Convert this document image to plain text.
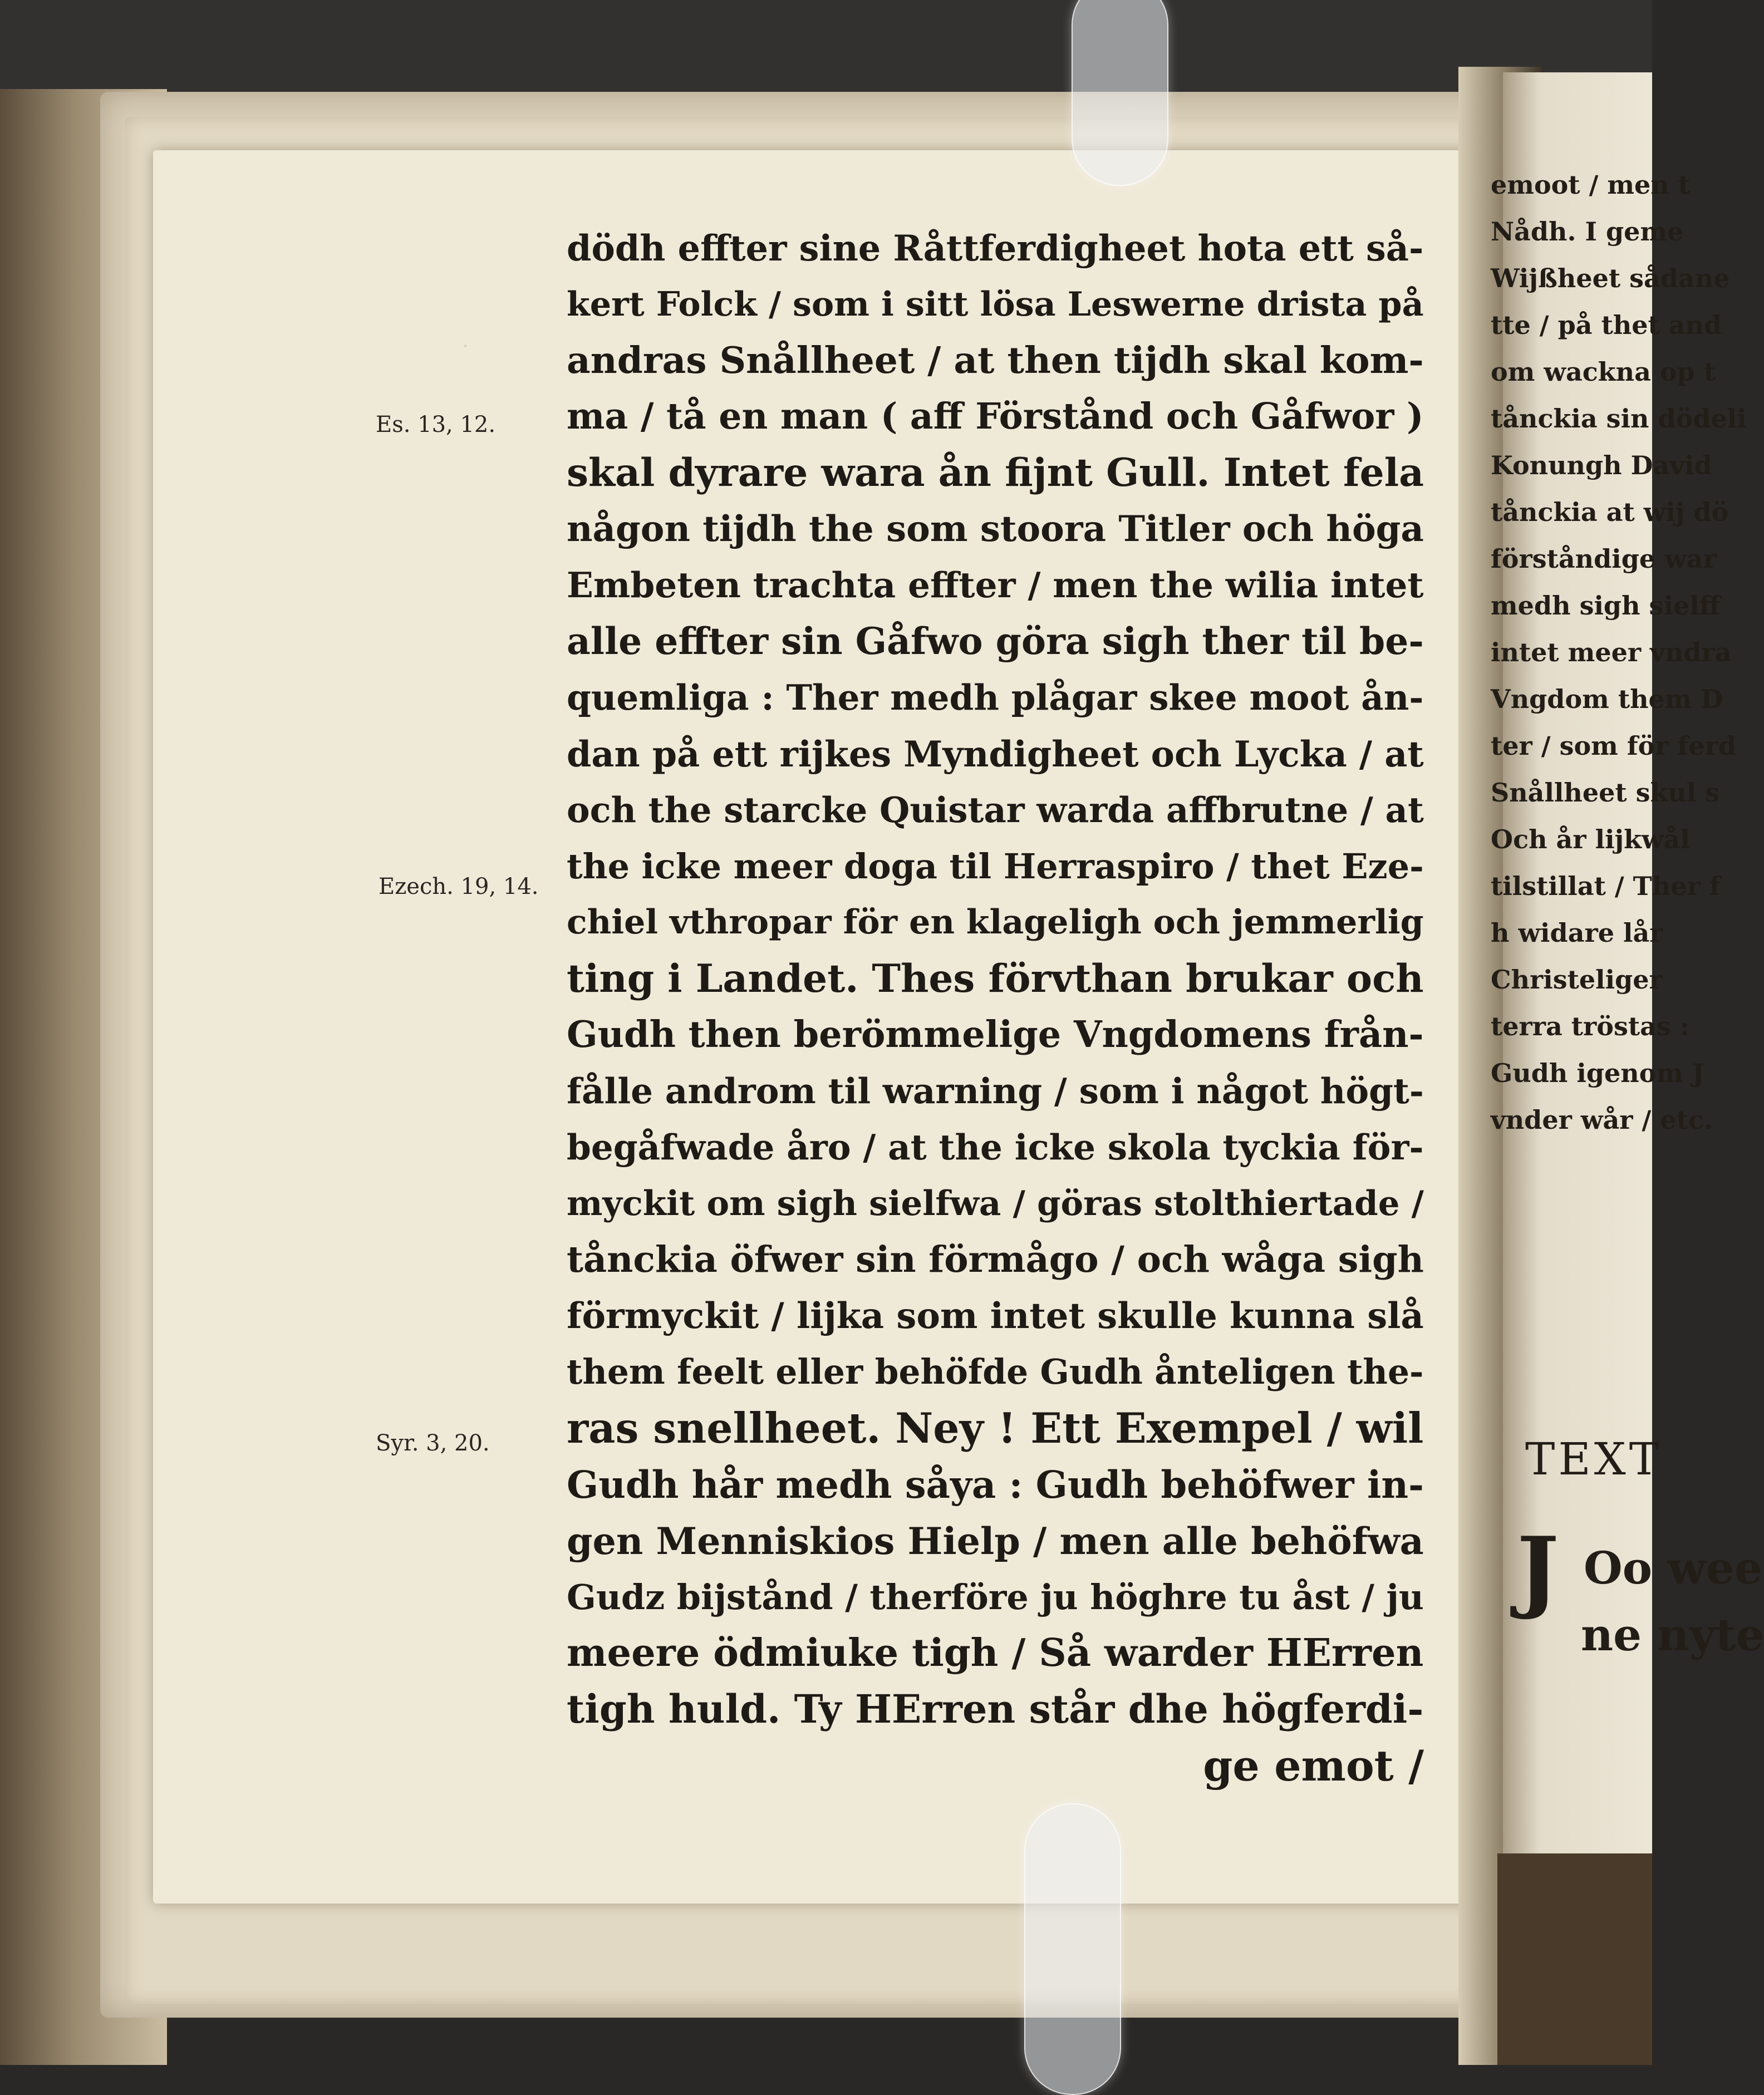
·
Es. 13, 12.
Ezech. 19, 14.
Syr. 3, 20.
dödh effter sine Råttferdigheet hota ett så-
kert Folck / som i sitt lösa Leswerne drista på
andras Snållheet / at then tijdh skal kom-
ma / tå en man ( aff Förstånd och Gåfwor )
skal dyrare wara ån fijnt Gull. Intet fela
någon tijdh the som stoora Titler och höga
Embeten trachta effter / men the wilia intet
alle effter sin Gåfwo göra sigh ther til be-
quemliga : Ther medh plågar skee moot ån-
dan på ett rijkes Myndigheet och Lycka / at
och the starcke Quistar warda affbrutne / at
the icke meer doga til Herraspiro / thet Eze-
chiel vthropar för en klageligh och jemmerlig
ting i Landet. Thes förvthan brukar och
Gudh then berömmelige Vngdomens från-
fålle androm til warning / som i något högt-
begåfwade åro / at the icke skola tyckia för-
myckit om sigh sielfwa / göras stolthiertade /
tånckia öfwer sin förmågo / och wåga sigh
förmyckit / lijka som intet skulle kunna slå
them feelt eller behöfde Gudh ånteligen the-
ras snellheet. Ney ! Ett Exempel / wil
Gudh hår medh såya : Gudh behöfwer in-
gen Menniskios Hielp / men alle behöfwa
Gudz bijstånd / therföre ju höghre tu åst / ju
meere ödmiuke tigh / Så warder HErren
tigh huld. Ty HErren står dhe högferdi-
ge emot /
emoot / men t
Nådh. I geme
Wijßheet sådane
tte / på thet and
om wackna op t
tånckia sin dödeli
Konungh David
tånckia at wij dö
förståndige war
medh sigh sielff
intet meer vndra
Vngdom them D
ter / som för ferd
Snållheet skul s
Och år lijkwål
tilstillat / Ther f
h widare lår
Christeliger
terra tröstas :
Gudh igenom J
vnder wår / etc.
TEXT
J Oo wee
ne nyte
